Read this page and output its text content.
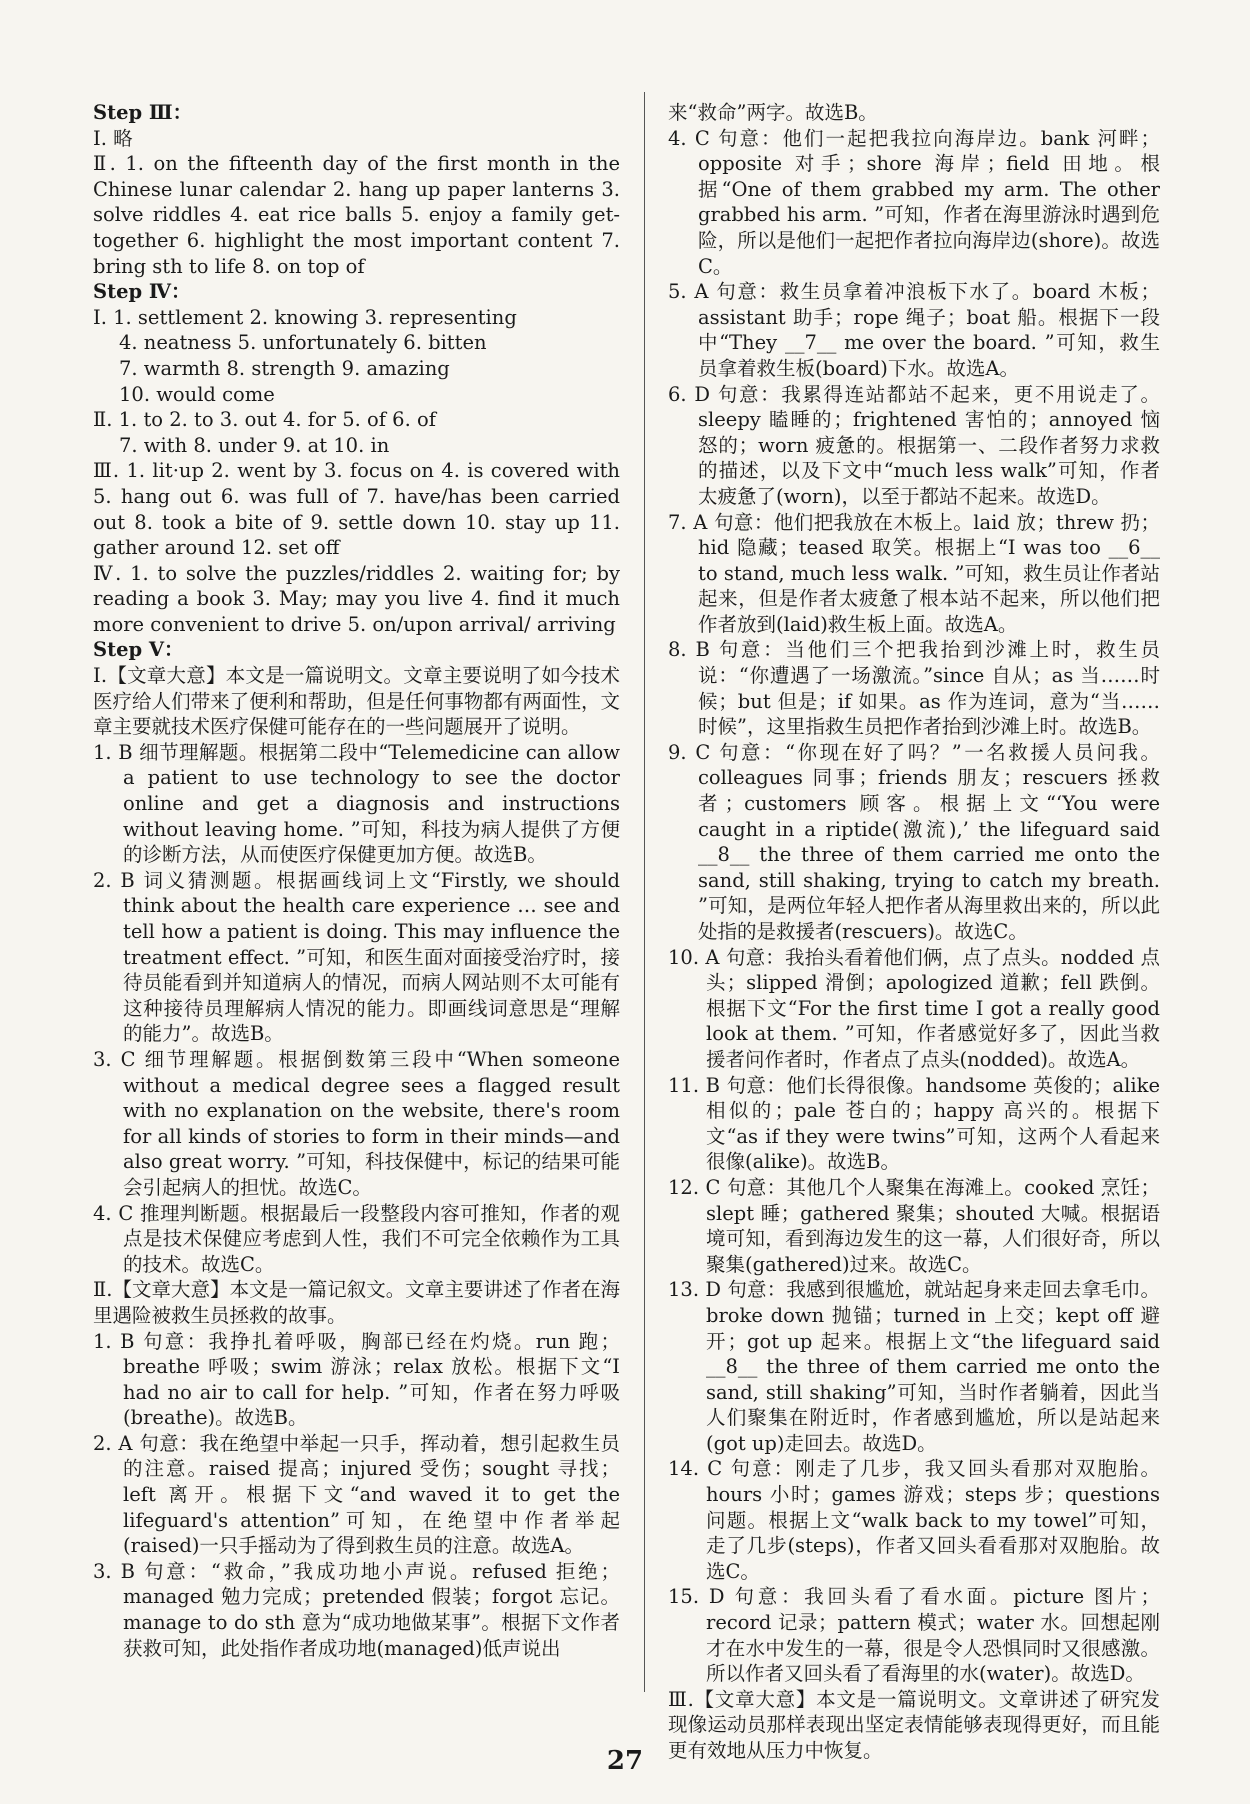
Step Ⅲ：

Ⅰ. 略

Ⅱ. 1. on the fifteenth day of the first month in the Chinese lunar calendar 2. hang up paper lanterns 3. solve riddles 4. eat rice balls 5. enjoy a family get-together 6. highlight the most important content 7. bring sth to life 8. on top of

Step Ⅳ：

Ⅰ. 1. settlement 2. knowing 3. representing

4. neatness 5. unfortunately 6. bitten

7. warmth 8. strength 9. amazing

10. would come

Ⅱ. 1. to 2. to 3. out 4. for 5. of 6. of

7. with 8. under 9. at 10. in

Ⅲ. 1. lit·up 2. went by 3. focus on 4. is covered with 5. hang out 6. was full of 7. have/has been carried out 8. took a bite of 9. settle down 10. stay up 11. gather around 12. set off

Ⅳ. 1. to solve the puzzles/riddles 2. waiting for; by reading a book 3. May; may you live 4. find it much more convenient to drive 5. on/upon arrival/ arriving

Step Ⅴ：

Ⅰ.【文章大意】本文是一篇说明文。文章主要说明了如今技术医疗给人们带来了便利和帮助，但是任何事物都有两面性，文章主要就技术医疗保健可能存在的一些问题展开了说明。

1. B 细节理解题。根据第二段中“Telemedicine can allow a patient to use technology to see the doctor online and get a diagnosis and instructions without leaving home. ”可知，科技为病人提供了方便的诊断方法，从而使医疗保健更加方便。故选B。

2. B 词义猜测题。根据画线词上文“Firstly, we should think about the health care experience … see and tell how a patient is doing. This may influence the treatment effect. ”可知，和医生面对面接受治疗时，接待员能看到并知道病人的情况，而病人网站则不太可能有这种接待员理解病人情况的能力。即画线词意思是“理解的能力”。故选B。

3. C 细节理解题。根据倒数第三段中“When someone without a medical degree sees a flagged result with no explanation on the website, there's room for all kinds of stories to form in their minds—and also great worry. ”可知，科技保健中，标记的结果可能会引起病人的担忧。故选C。

4. C 推理判断题。根据最后一段整段内容可推知，作者的观点是技术保健应考虑到人性，我们不可完全依赖作为工具的技术。故选C。

Ⅱ.【文章大意】本文是一篇记叙文。文章主要讲述了作者在海里遇险被救生员拯救的故事。

1. B 句意：我挣扎着呼吸，胸部已经在灼烧。run 跑；breathe 呼吸；swim 游泳；relax 放松。根据下文“I had no air to call for help. ”可知，作者在努力呼吸(breathe)。故选B。

2. A 句意：我在绝望中举起一只手，挥动着，想引起救生员的注意。raised 提高；injured 受伤；sought 寻找；left 离开。根据下文“and waved it to get the lifeguard's attention”可知，在绝望中作者举起(raised)一只手摇动为了得到救生员的注意。故选A。

3. B 句意：“救命，”我成功地小声说。refused 拒绝；managed 勉力完成；pretended 假装；forgot 忘记。manage to do sth 意为“成功地做某事”。根据下文作者获救可知，此处指作者成功地(managed)低声说出

来“救命”两字。故选B。

4. C 句意：他们一起把我拉向海岸边。bank 河畔；opposite 对手；shore 海岸；field 田地。根据“One of them grabbed my arm. The other grabbed his arm. ”可知，作者在海里游泳时遇到危险，所以是他们一起把作者拉向海岸边(shore)。故选C。

5. A 句意：救生员拿着冲浪板下水了。board 木板；assistant 助手；rope 绳子；boat 船。根据下一段中“They __7__ me over the board. ”可知，救生员拿着救生板(board)下水。故选A。

6. D 句意：我累得连站都站不起来，更不用说走了。sleepy 瞌睡的；frightened 害怕的；annoyed 恼怒的；worn 疲惫的。根据第一、二段作者努力求救的描述，以及下文中“much less walk”可知，作者太疲惫了(worn)，以至于都站不起来。故选D。

7. A 句意：他们把我放在木板上。laid 放；threw 扔；hid 隐藏；teased 取笑。根据上“I was too __6__ to stand, much less walk. ”可知，救生员让作者站起来，但是作者太疲惫了根本站不起来，所以他们把作者放到(laid)救生板上面。故选A。

8. B 句意：当他们三个把我抬到沙滩上时，救生员说：“你遭遇了一场激流。”since 自从；as 当……时候；but 但是；if 如果。as 作为连词，意为“当……时候”，这里指救生员把作者抬到沙滩上时。故选B。

9. C 句意：“你现在好了吗？”一名救援人员问我。colleagues 同事；friends 朋友；rescuers 拯救者；customers 顾客。根据上文“‘You were caught in a riptide(激流),’ the lifeguard said __8__ the three of them carried me onto the sand, still shaking, trying to catch my breath. ”可知，是两位年轻人把作者从海里救出来的，所以此处指的是救援者(rescuers)。故选C。

10. A 句意：我抬头看着他们俩，点了点头。nodded 点头；slipped 滑倒；apologized 道歉；fell 跌倒。根据下文“For the first time I got a really good look at them. ”可知，作者感觉好多了，因此当救援者问作者时，作者点了点头(nodded)。故选A。

11. B 句意：他们长得很像。handsome 英俊的；alike 相似的；pale 苍白的；happy 高兴的。根据下文“as if they were twins”可知，这两个人看起来很像(alike)。故选B。

12. C 句意：其他几个人聚集在海滩上。cooked 烹饪；slept 睡；gathered 聚集；shouted 大喊。根据语境可知，看到海边发生的这一幕，人们很好奇，所以聚集(gathered)过来。故选C。

13. D 句意：我感到很尴尬，就站起身来走回去拿毛巾。broke down 抛锚；turned in 上交；kept off 避开；got up 起来。根据上文“the lifeguard said __8__ the three of them carried me onto the sand, still shaking”可知，当时作者躺着，因此当人们聚集在附近时，作者感到尴尬，所以是站起来(got up)走回去。故选D。

14. C 句意：刚走了几步，我又回头看那对双胞胎。hours 小时；games 游戏；steps 步；questions 问题。根据上文“walk back to my towel”可知，走了几步(steps)，作者又回头看看那对双胞胎。故选C。

15. D 句意：我回头看了看水面。picture 图片；record 记录；pattern 模式；water 水。回想起刚才在水中发生的一幕，很是令人恐惧同时又很感激。所以作者又回头看了看海里的水(water)。故选D。

Ⅲ.【文章大意】本文是一篇说明文。文章讲述了研究发现像运动员那样表现出坚定表情能够表现得更好，而且能更有效地从压力中恢复。

27
